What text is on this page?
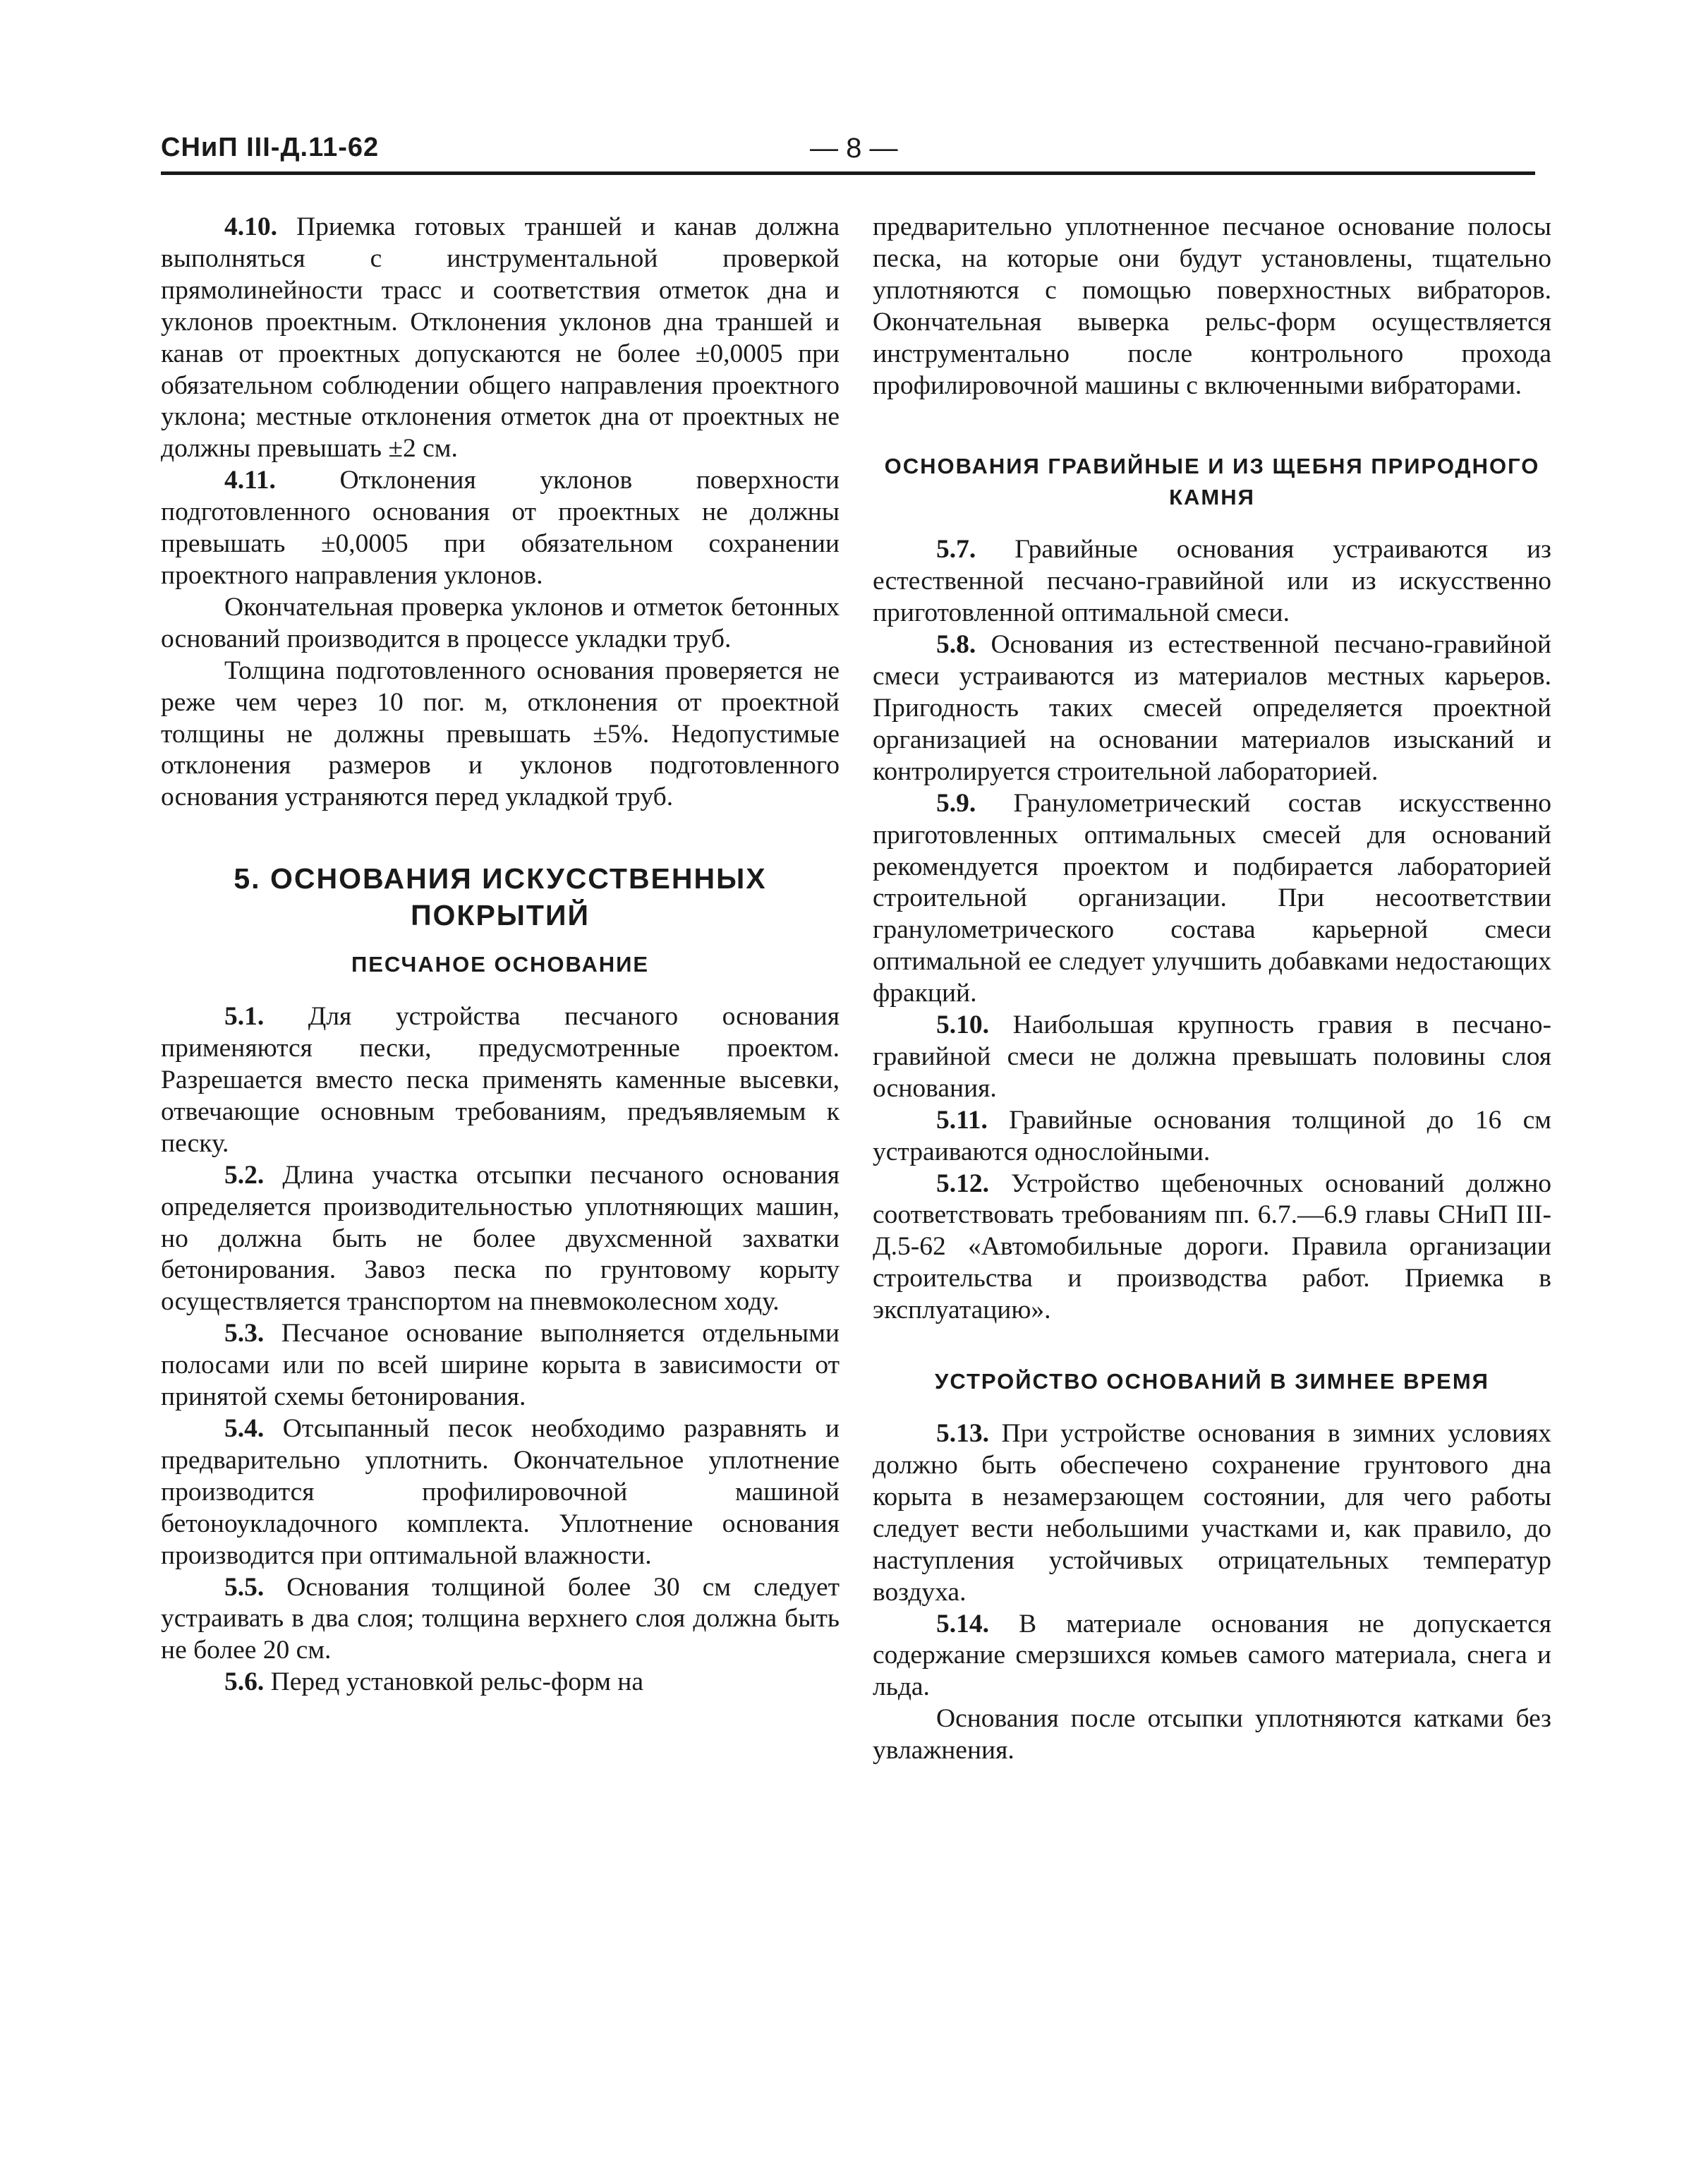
СНиП III-Д.11-62	— 8 —

4.10. Приемка готовых траншей и канав должна выполняться с инструментальной проверкой прямолинейности трасс и соответствия отметок дна и уклонов проектным. Отклонения уклонов дна траншей и канав от проектных допускаются не более ±0,0005 при обязательном соблюдении общего направления проектного уклона; местные отклонения отметок дна от проектных не должны превышать ±2 см.

4.11. Отклонения уклонов поверхности подготовленного основания от проектных не должны превышать ±0,0005 при обязательном сохранении проектного направления уклонов.

Окончательная проверка уклонов и отметок бетонных оснований производится в процессе укладки труб.

Толщина подготовленного основания проверяется не реже чем через 10 пог. м, отклонения от проектной толщины не должны превышать ±5%. Недопустимые отклонения размеров и уклонов подготовленного основания устраняются перед укладкой труб.

5. ОСНОВАНИЯ ИСКУССТВЕННЫХ ПОКРЫТИЙ
ПЕСЧАНОЕ ОСНОВАНИЕ

5.1. Для устройства песчаного основания применяются пески, предусмотренные проектом. Разрешается вместо песка применять каменные высевки, отвечающие основным требованиям, предъявляемым к песку.

5.2. Длина участка отсыпки песчаного основания определяется производительностью уплотняющих машин, но должна быть не более двухсменной захватки бетонирования. Завоз песка по грунтовому корыту осуществляется транспортом на пневмоколесном ходу.

5.3. Песчаное основание выполняется отдельными полосами или по всей ширине корыта в зависимости от принятой схемы бетонирования.

5.4. Отсыпанный песок необходимо разравнять и предварительно уплотнить. Окончательное уплотнение производится профилировочной машиной бетоноукладочного комплекта. Уплотнение основания производится при оптимальной влажности.

5.5. Основания толщиной более 30 см следует устраивать в два слоя; толщина верхнего слоя должна быть не более 20 см.

5.6. Перед установкой рельс-форм на

предварительно уплотненное песчаное основание полосы песка, на которые они будут установлены, тщательно уплотняются с помощью поверхностных вибраторов. Окончательная выверка рельс-форм осуществляется инструментально после контрольного прохода профилировочной машины с включенными вибраторами.

ОСНОВАНИЯ ГРАВИЙНЫЕ И ИЗ ЩЕБНЯ ПРИРОДНОГО КАМНЯ

5.7. Гравийные основания устраиваются из естественной песчано-гравийной или из искусственно приготовленной оптимальной смеси.

5.8. Основания из естественной песчано-гравийной смеси устраиваются из материалов местных карьеров. Пригодность таких смесей определяется проектной организацией на основании материалов изысканий и контролируется строительной лабораторией.

5.9. Гранулометрический состав искусственно приготовленных оптимальных смесей для оснований рекомендуется проектом и подбирается лабораторией строительной организации. При несоответствии гранулометрического состава карьерной смеси оптимальной ее следует улучшить добавками недостающих фракций.

5.10. Наибольшая крупность гравия в песчано-гравийной смеси не должна превышать половины слоя основания.

5.11. Гравийные основания толщиной до 16 см устраиваются однослойными.

5.12. Устройство щебеночных оснований должно соответствовать требованиям пп. 6.7.—6.9 главы СНиП III-Д.5-62 «Автомобильные дороги. Правила организации строительства и производства работ. Приемка в эксплуатацию».

УСТРОЙСТВО ОСНОВАНИЙ В ЗИМНЕЕ ВРЕМЯ

5.13. При устройстве основания в зимних условиях должно быть обеспечено сохранение грунтового дна корыта в незамерзающем состоянии, для чего работы следует вести небольшими участками и, как правило, до наступления устойчивых отрицательных температур воздуха.

5.14. В материале основания не допускается содержание смерзшихся комьев самого материала, снега и льда.

Основания после отсыпки уплотняются катками без увлажнения.
